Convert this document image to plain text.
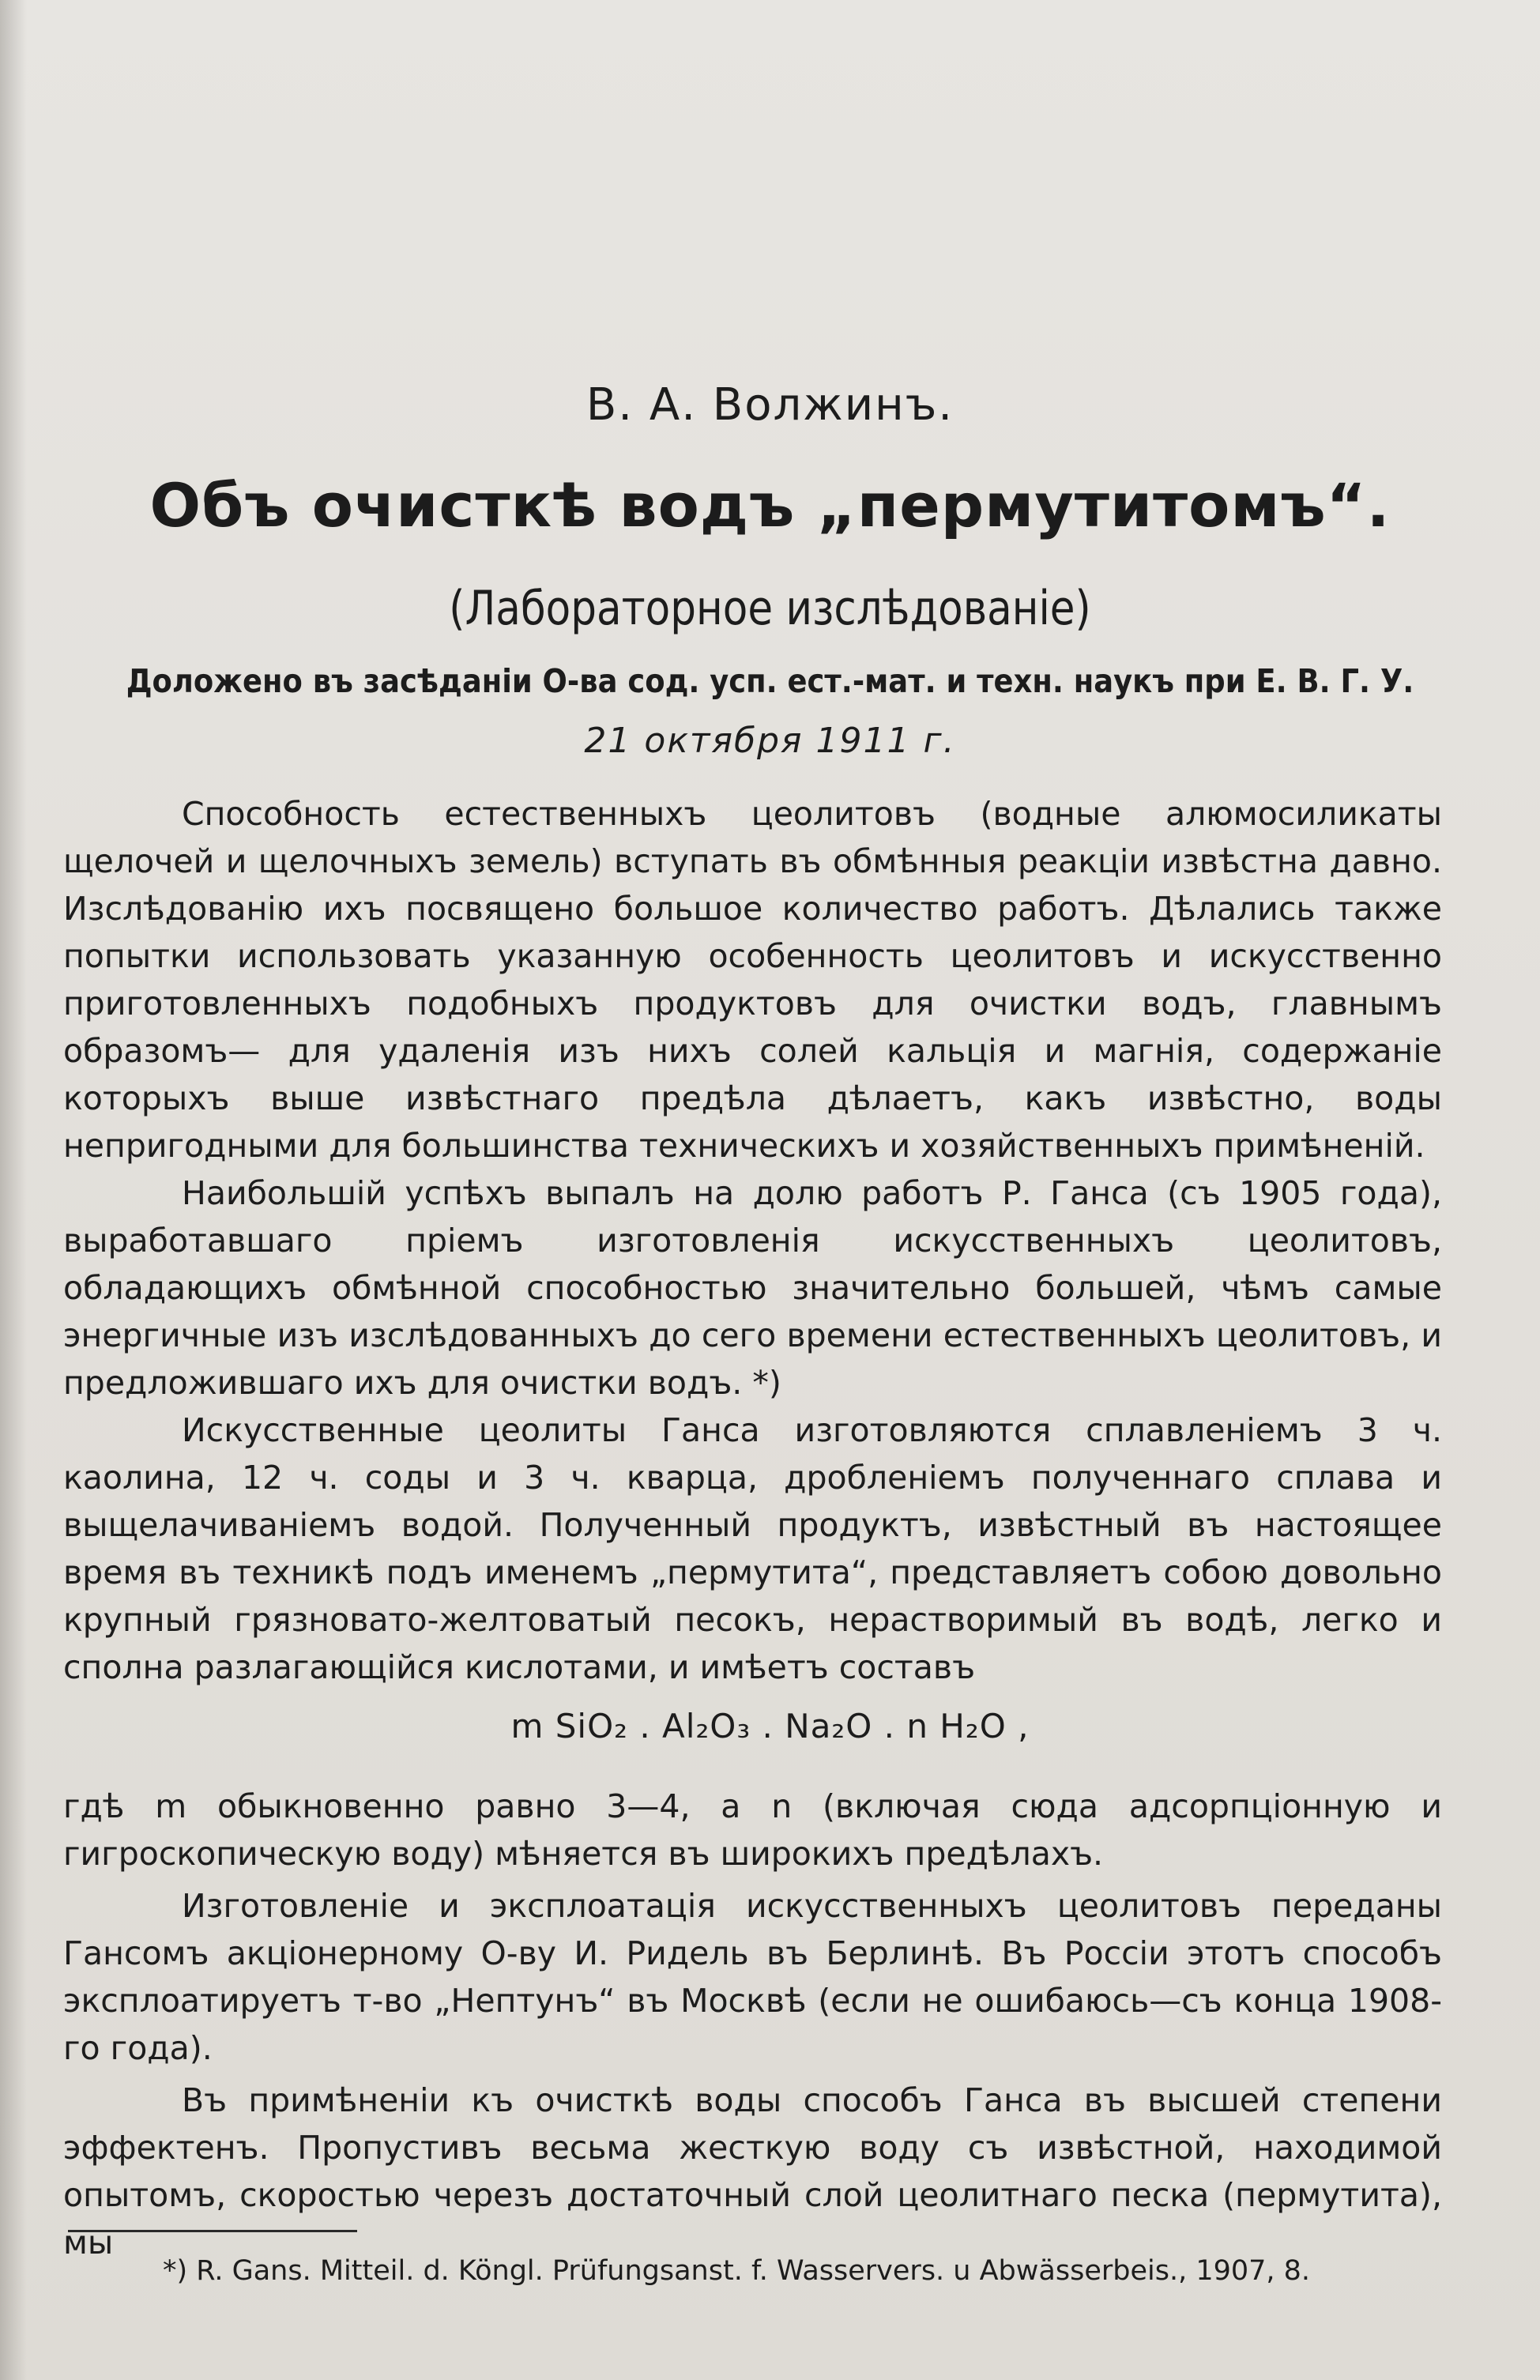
В. А. Волжинъ.
Объ очисткѣ водъ „пермутитомъ“.
(Лабораторное изслѣдованiе)
Доложено въ засѣданiи О-ва сод. усп. ест.-мат. и техн. наукъ при Е. В. Г. У.
21 октября 1911 г.

Способность естественныхъ цеолитовъ (водные алюмосиликаты щелочей и щелочныхъ земель) вступать въ обмѣнныя реакцiи извѣстна давно. Изслѣдованiю ихъ посвящено большое количество работъ. Дѣлались также попытки использовать указанную особенность цеолитовъ и искусственно приготовленныхъ подобныхъ продуктовъ для очистки водъ, главнымъ образомъ— для удаленiя изъ нихъ солей кальцiя и магнiя, содержанiе которыхъ выше извѣстнаго предѣла дѣлаетъ, какъ извѣстно, воды непригодными для большинства техническихъ и хозяйственныхъ примѣненiй.

Наибольшiй успѣхъ выпалъ на долю работъ Р. Ганса (съ 1905 года), выработавшаго прiемъ изготовленiя искусственныхъ цеолитовъ, обладающихъ обмѣнной способностью значительно большей, чѣмъ самые энергичные изъ изслѣдованныхъ до сего времени естественныхъ цеолитовъ, и предложившаго ихъ для очистки водъ. *)

Искусственные цеолиты Ганса изготовляются сплавленiемъ 3 ч. каолина, 12 ч. соды и 3 ч. кварца, дробленiемъ полученнаго сплава и выщелачиванiемъ водой. Полученный продуктъ, извѣстный въ настоящее время въ техникѣ подъ именемъ „пермутита“, представляетъ собою довольно крупный грязновато-желтоватый песокъ, нерастворимый въ водѣ, легко и сполна разлагающiйся кислотами, и имѣетъ составъ

m SiO₂ . Al₂O₃ . Na₂O . n H₂O ,

гдѣ m обыкновенно равно 3—4, а n (включая сюда адсорпцiонную и гигроскопическую воду) мѣняется въ широкихъ предѣлахъ.

Изготовленiе и эксплоатацiя искусственныхъ цеолитовъ переданы Гансомъ акцiонерному О-ву И. Ридель въ Берлинѣ. Въ Россiи этотъ способъ эксплоатируетъ т-во „Нептунъ“ въ Москвѣ (если не ошибаюсь—съ конца 1908-го года).

Въ примѣненiи къ очисткѣ воды способъ Ганса въ высшей степени эффектенъ. Пропустивъ весьма жесткую воду съ извѣстной, находимой опытомъ, скоростью черезъ достаточный слой цеолитнаго песка (пермутита), мы

*) R. Gans. Mitteil. d. Köngl. Prüfungsanst. f. Wasservers. u Abwässerbeis., 1907, 8.
